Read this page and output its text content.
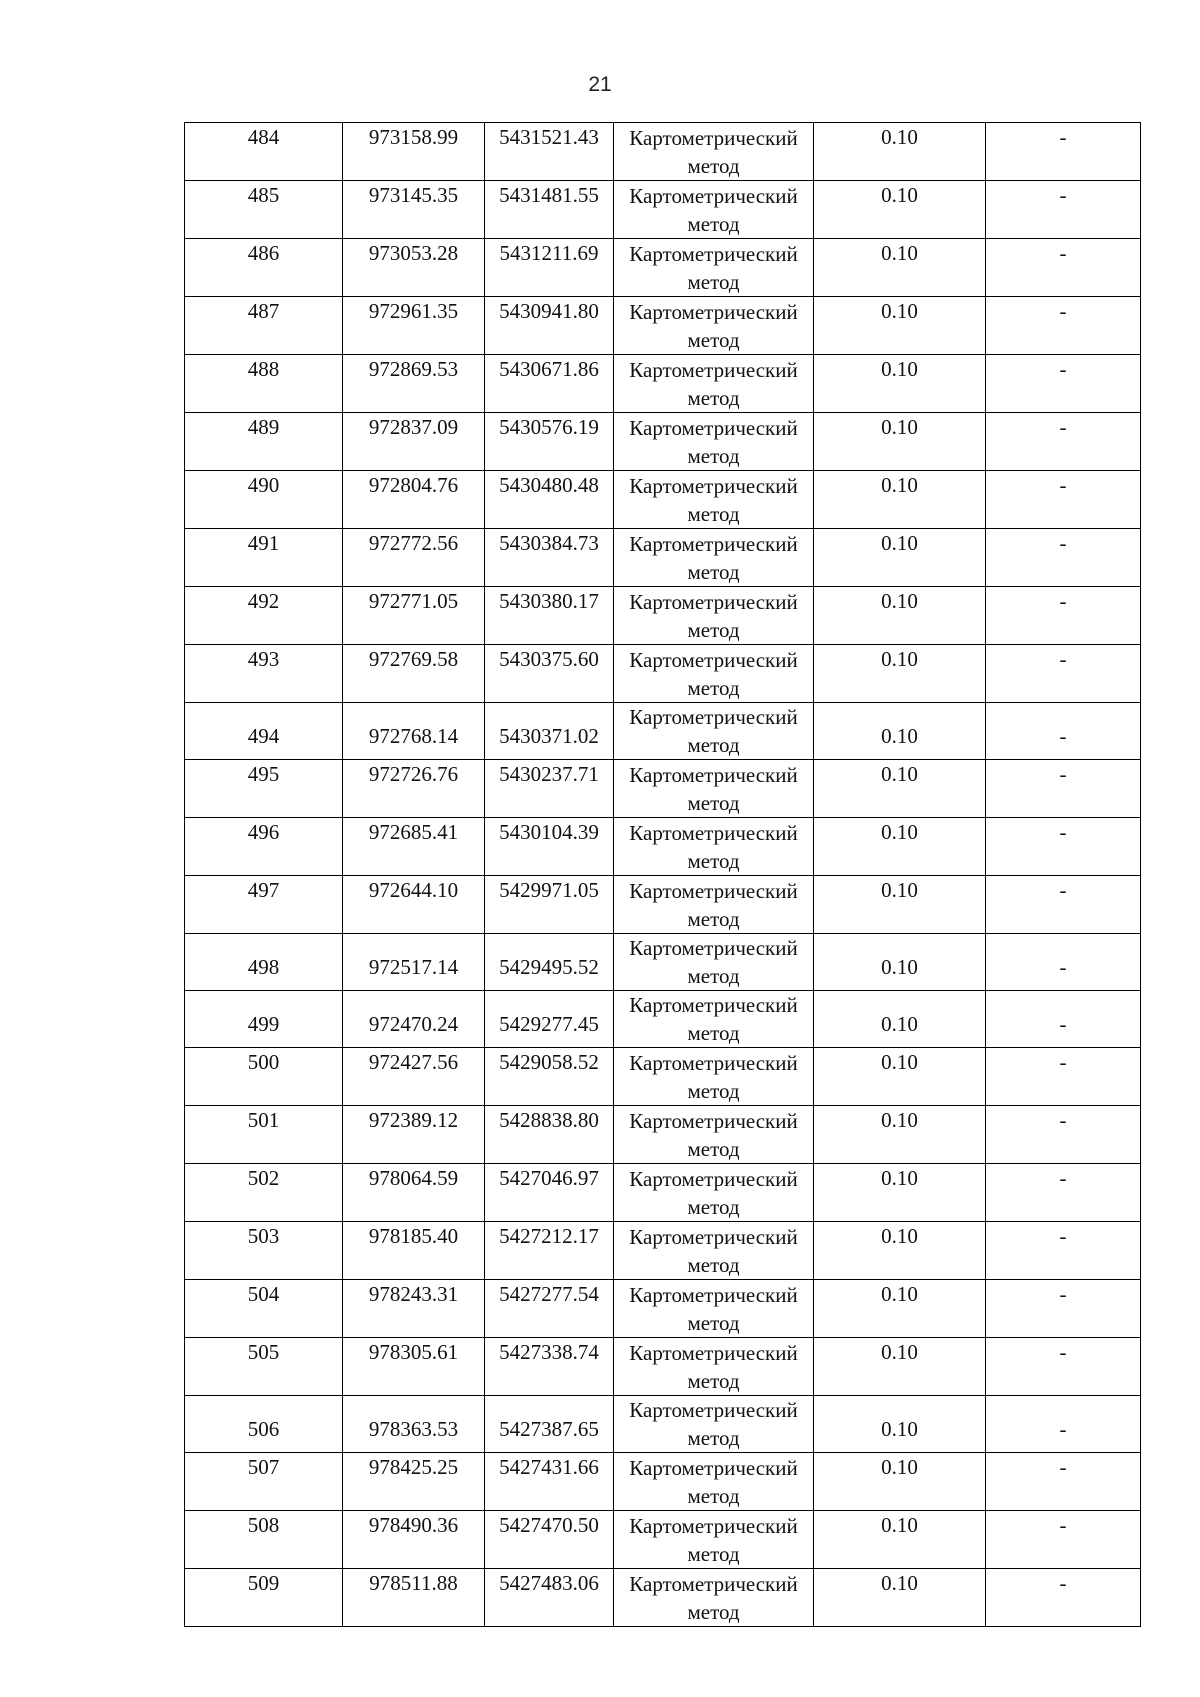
21
484	973158.99	5431521.43	Картометрический метод	0.10	-
485	973145.35	5431481.55	Картометрический метод	0.10	-
486	973053.28	5431211.69	Картометрический метод	0.10	-
487	972961.35	5430941.80	Картометрический метод	0.10	-
488	972869.53	5430671.86	Картометрический метод	0.10	-
489	972837.09	5430576.19	Картометрический метод	0.10	-
490	972804.76	5430480.48	Картометрический метод	0.10	-
491	972772.56	5430384.73	Картометрический метод	0.10	-
492	972771.05	5430380.17	Картометрический метод	0.10	-
493	972769.58	5430375.60	Картометрический метод	0.10	-
494	972768.14	5430371.02	Картометрический метод	0.10	-
495	972726.76	5430237.71	Картометрический метод	0.10	-
496	972685.41	5430104.39	Картометрический метод	0.10	-
497	972644.10	5429971.05	Картометрический метод	0.10	-
498	972517.14	5429495.52	Картометрический метод	0.10	-
499	972470.24	5429277.45	Картометрический метод	0.10	-
500	972427.56	5429058.52	Картометрический метод	0.10	-
501	972389.12	5428838.80	Картометрический метод	0.10	-
502	978064.59	5427046.97	Картометрический метод	0.10	-
503	978185.40	5427212.17	Картометрический метод	0.10	-
504	978243.31	5427277.54	Картометрический метод	0.10	-
505	978305.61	5427338.74	Картометрический метод	0.10	-
506	978363.53	5427387.65	Картометрический метод	0.10	-
507	978425.25	5427431.66	Картометрический метод	0.10	-
508	978490.36	5427470.50	Картометрический метод	0.10	-
509	978511.88	5427483.06	Картометрический метод	0.10	-
